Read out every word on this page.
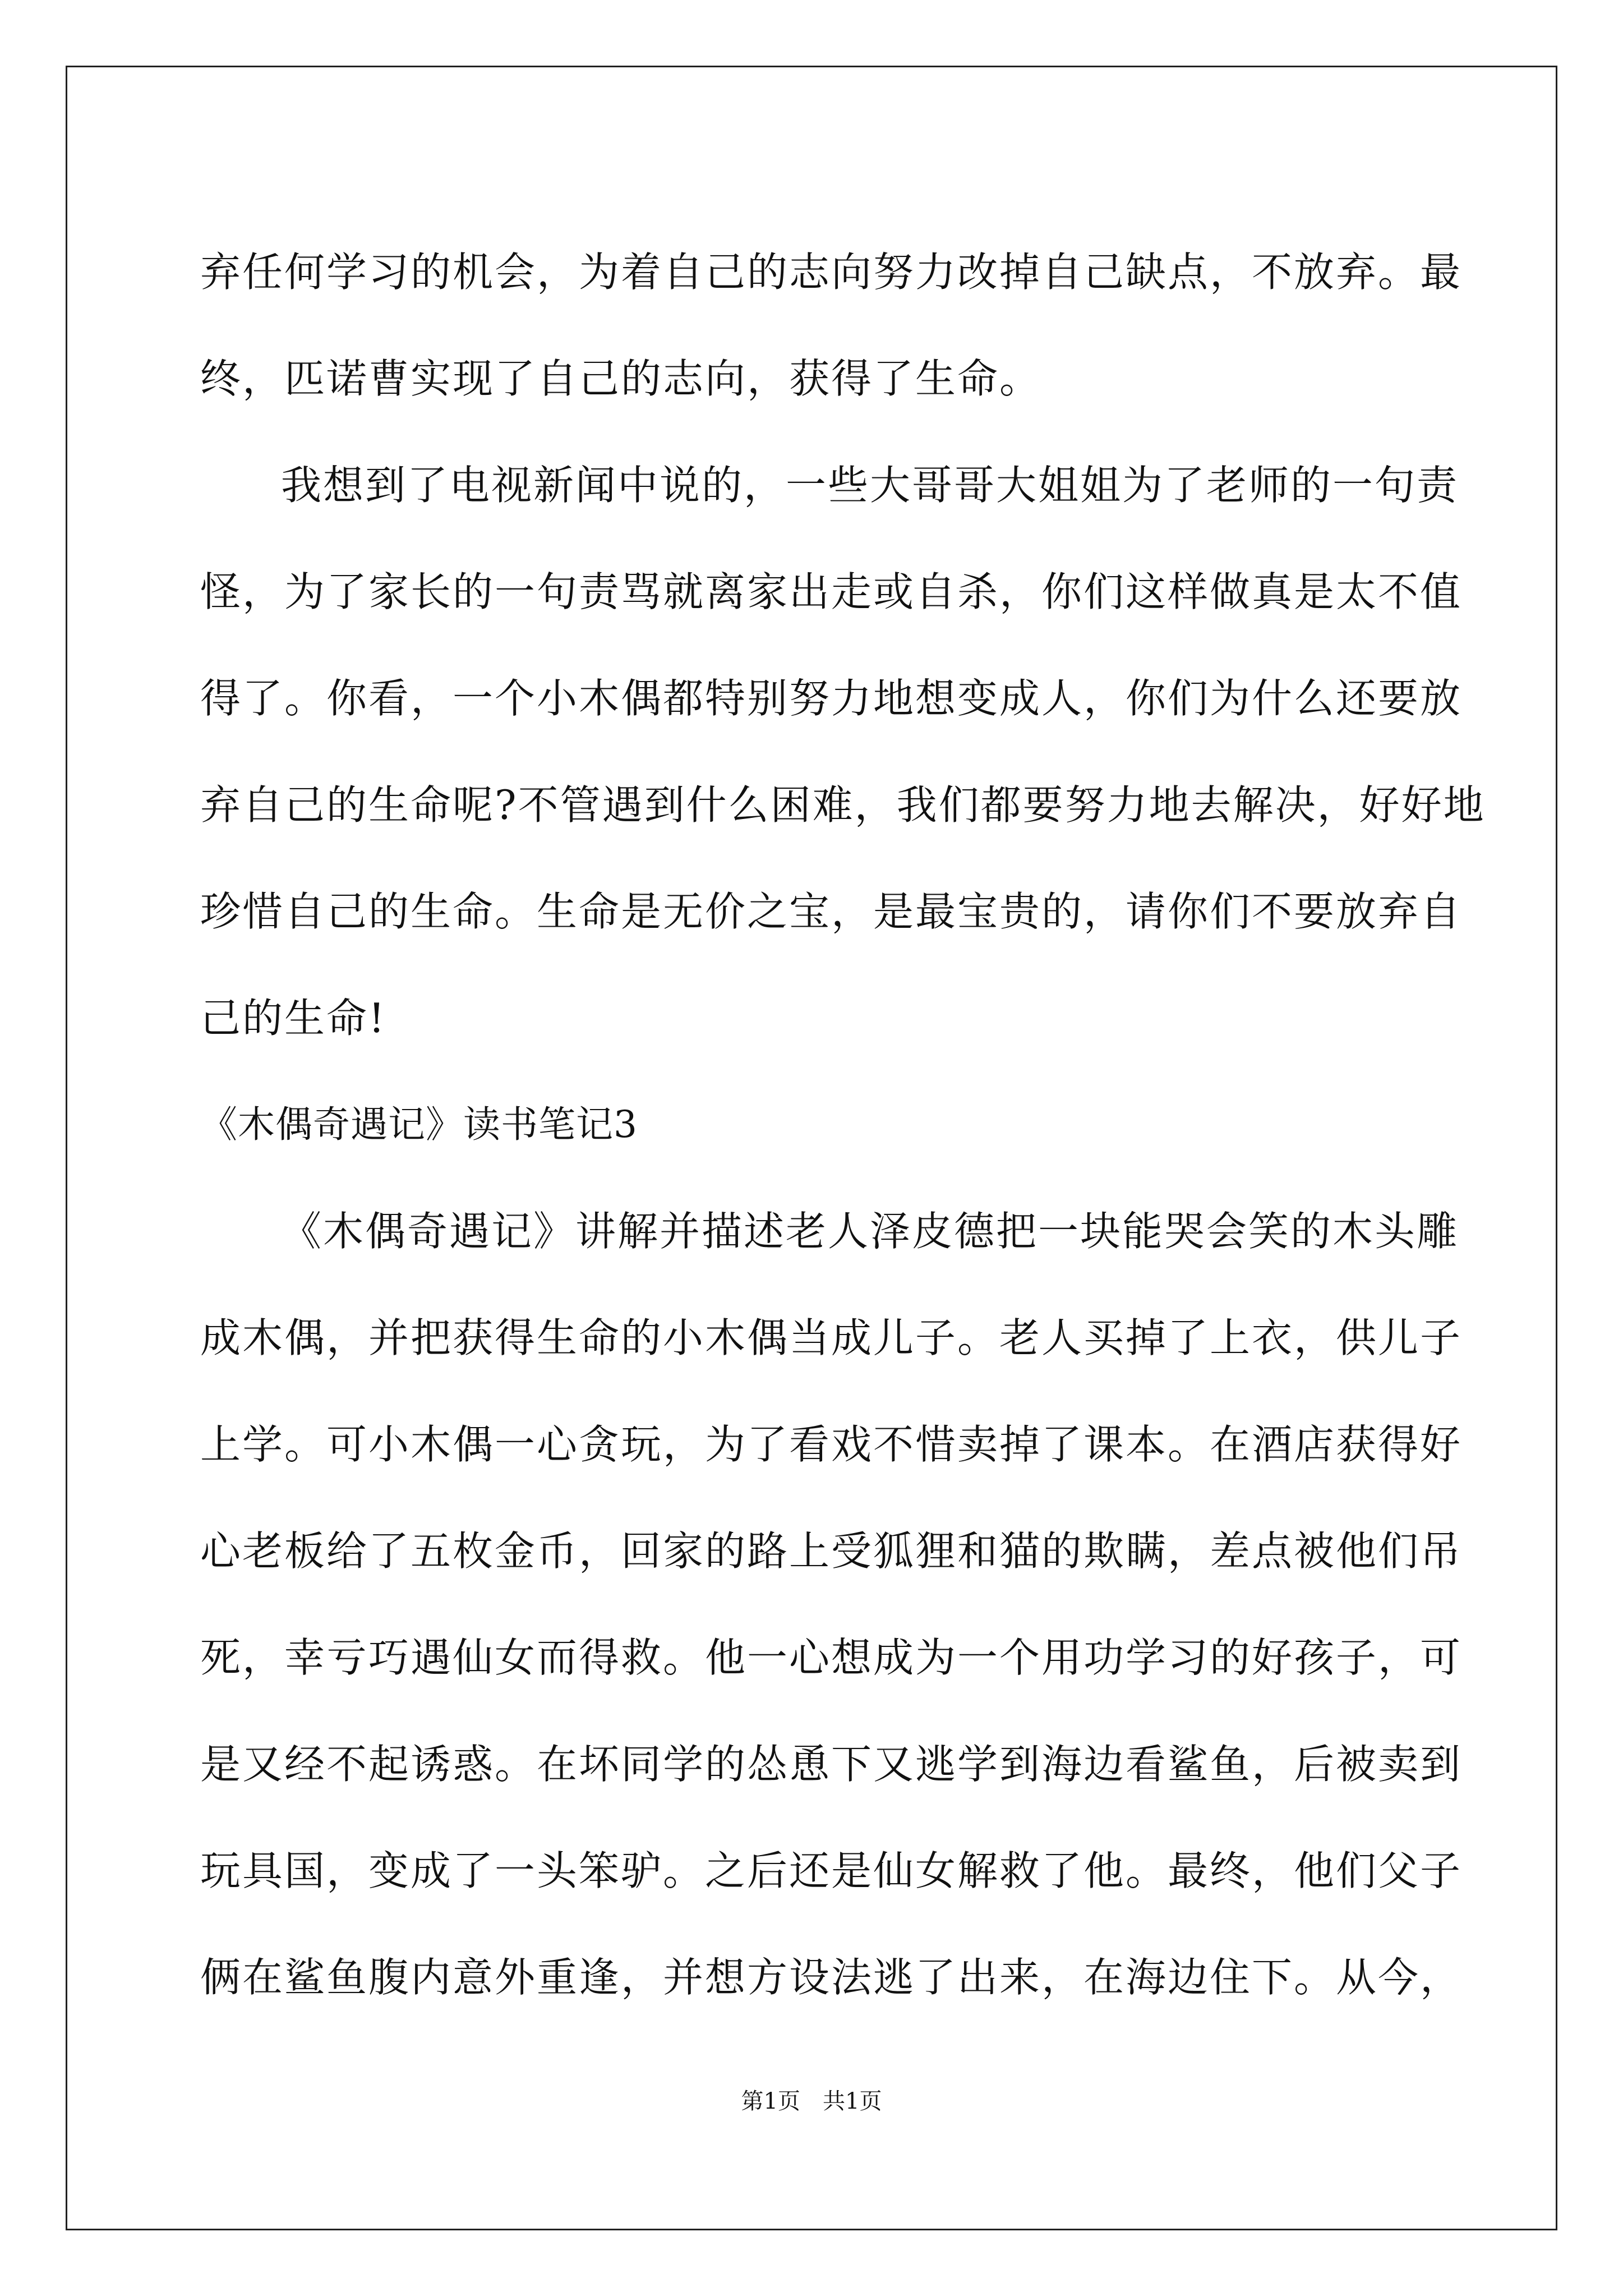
弃任何学习的机会，为着自己的志向努力改掉自己缺点，不放弃。最
终，匹诺曹实现了自己的志向，获得了生命。
我想到了电视新闻中说的，一些大哥哥大姐姐为了老师的一句责
怪，为了家长的一句责骂就离家出走或自杀，你们这样做真是太不值
得了。你看，一个小木偶都特别努力地想变成人，你们为什么还要放
弃自己的生命呢?不管遇到什么困难，我们都要努力地去解决，好好地
珍惜自己的生命。生命是无价之宝，是最宝贵的，请你们不要放弃自
己的生命!
《木偶奇遇记》读书笔记3
《木偶奇遇记》讲解并描述老人泽皮德把一块能哭会笑的木头雕
成木偶，并把获得生命的小木偶当成儿子。老人买掉了上衣，供儿子
上学。可小木偶一心贪玩，为了看戏不惜卖掉了课本。在酒店获得好
心老板给了五枚金币，回家的路上受狐狸和猫的欺瞒，差点被他们吊
死，幸亏巧遇仙女而得救。他一心想成为一个用功学习的好孩子，可
是又经不起诱惑。在坏同学的怂恿下又逃学到海边看鲨鱼，后被卖到
玩具国，变成了一头笨驴。之后还是仙女解救了他。最终，他们父子
俩在鲨鱼腹内意外重逢，并想方设法逃了出来，在海边住下。从今，
第1页　共1页
